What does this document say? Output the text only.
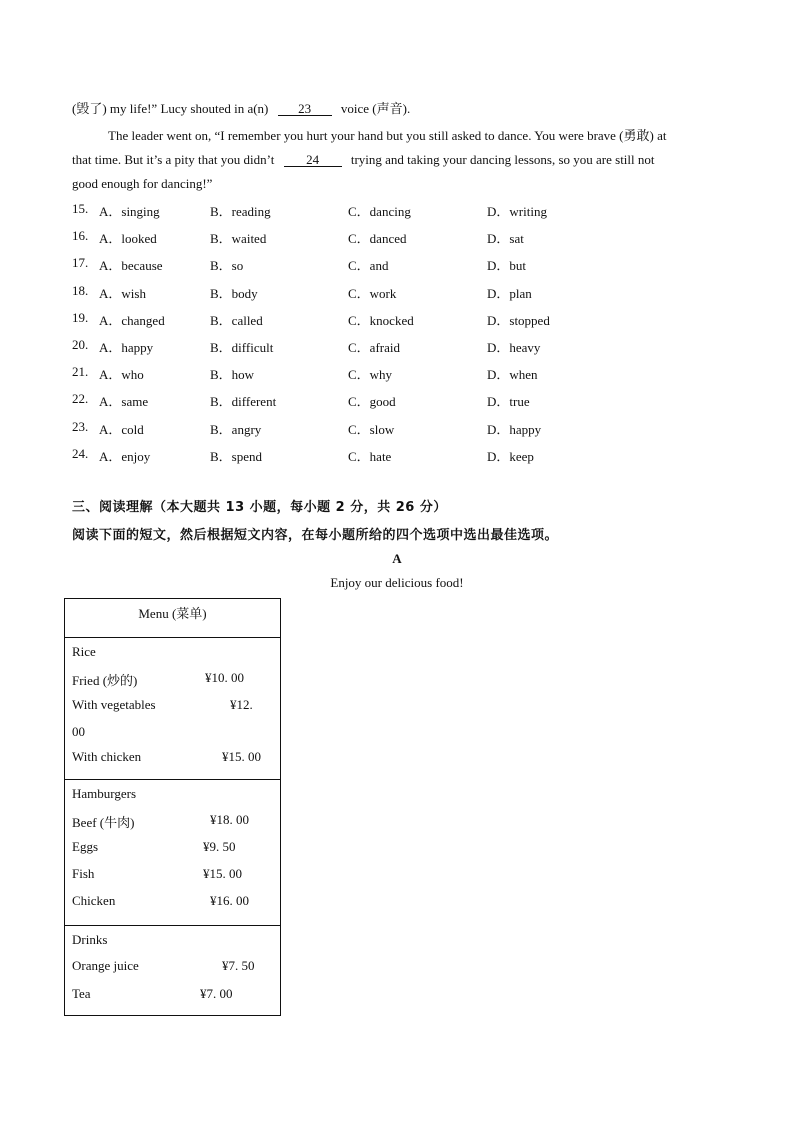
(毁了) my life!” Lucy shouted in a(n) 23 voice (声音).
The leader went on, “I remember you hurt your hand but you still asked to dance. You were brave (勇敢) at
that time. But it’s a pity that you didn’t 24 trying and taking your dancing lessons, so you are still not
good enough for dancing!”
15. A．singing	B．reading	C．dancing	D．writing
16. A．looked	B．waited	C．danced	D．sat
17. A．because	B．so	C．and	D．but
18. A．wish	B．body	C．work	D．plan
19. A．changed	B．called	C．knocked	D．stopped
20. A．happy	B．difficult	C．afraid	D．heavy
21. A．who	B．how	C．why	D．when
22. A．same	B．different	C．good	D．true
23. A．cold	B．angry	C．slow	D．happy
24. A．enjoy	B．spend	C．hate	D．keep
三、阅读理解（本大题共 13 小题，每小题 2 分，共 26 分）
阅读下面的短文，然后根据短文内容，在每小题所给的四个选项中选出最佳选项。
A
Enjoy our delicious food!
Menu (菜单)
Rice
Fried (炒的)	¥10. 00
With vegetables	¥12.
00
With chicken	¥15. 00
Hamburgers
Beef (牛肉)	¥18. 00
Eggs	¥9. 50
Fish	¥15. 00
Chicken	¥16. 00
Drinks
Orange juice	¥7. 50
Tea	¥7. 00
